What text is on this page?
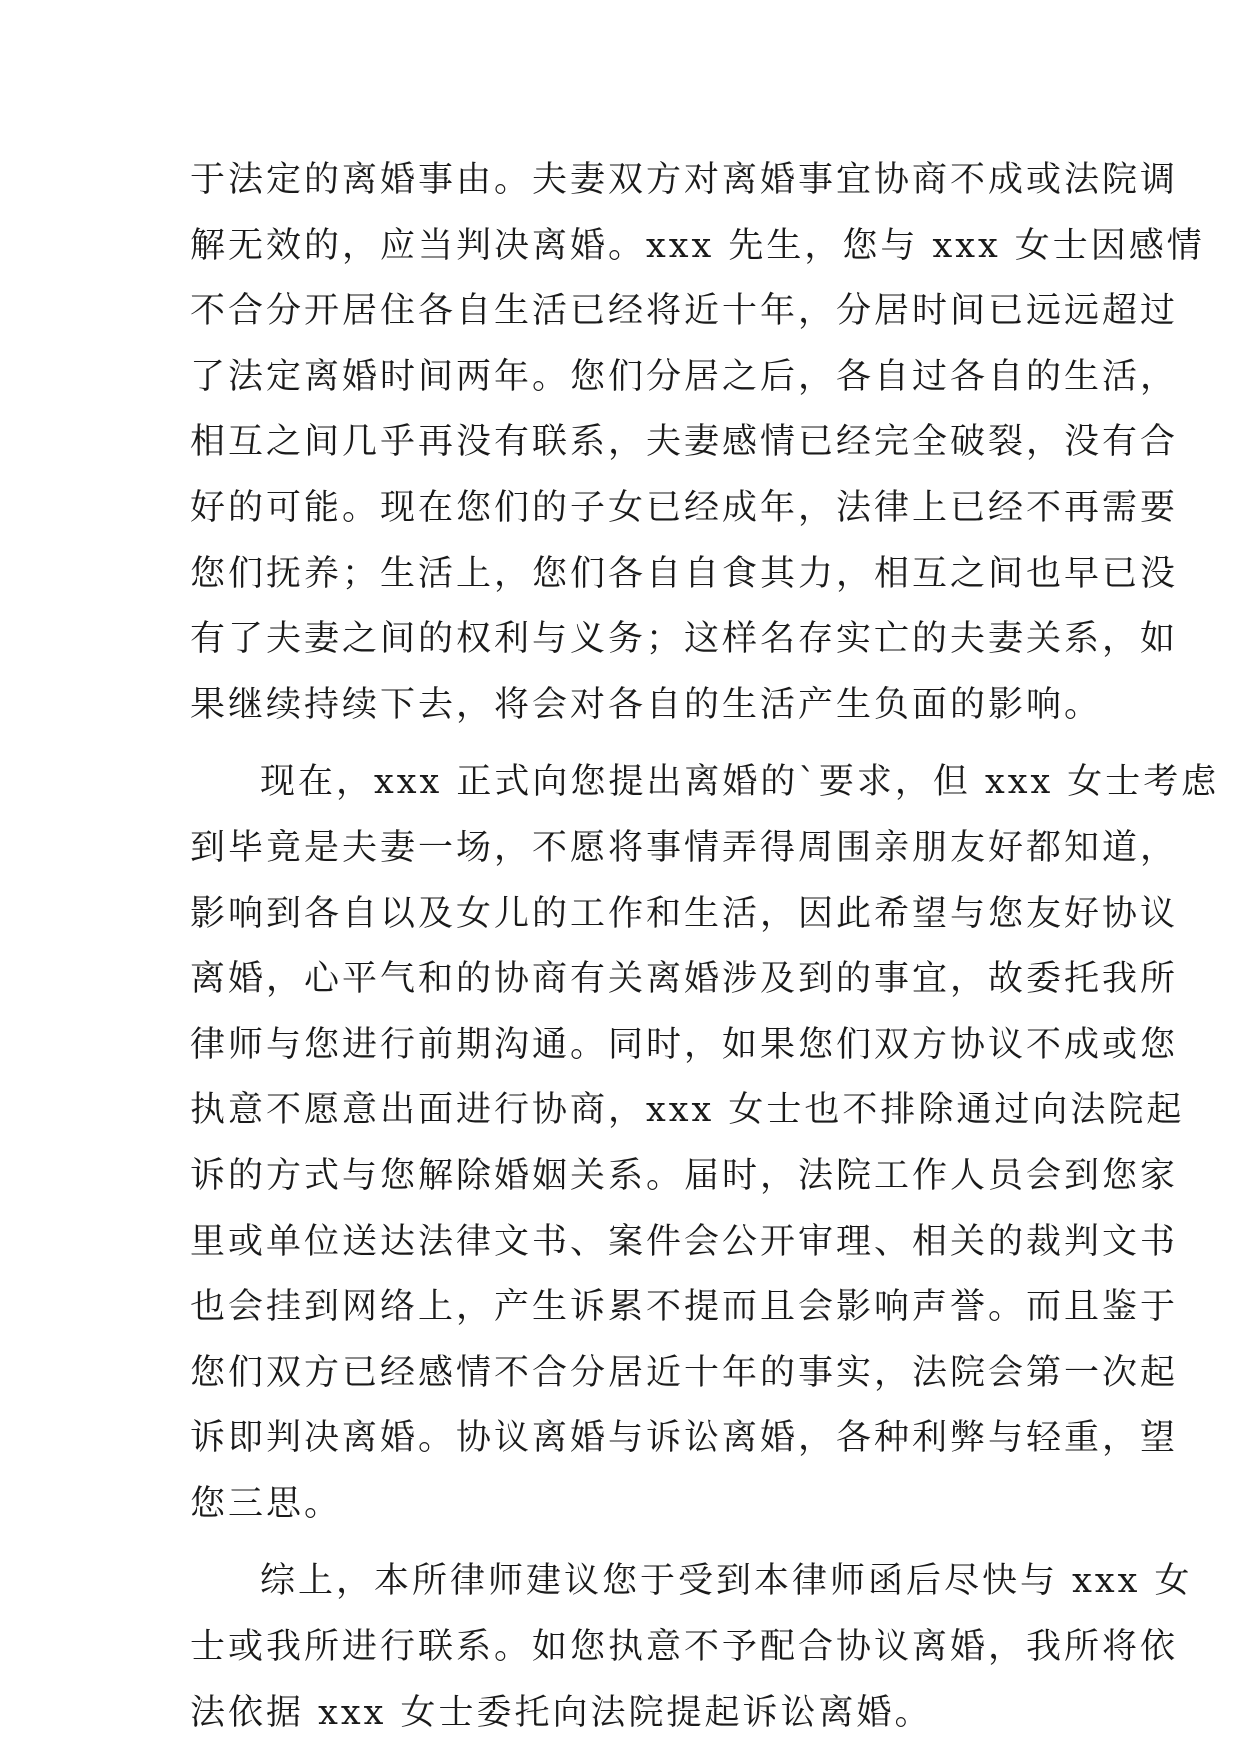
于法定的离婚事由。夫妻双方对离婚事宜协商不成或法院调
解无效的，应当判决离婚。xxx 先生，您与 xxx 女士因感情
不合分开居住各自生活已经将近十年，分居时间已远远超过
了法定离婚时间两年。您们分居之后，各自过各自的生活，
相互之间几乎再没有联系，夫妻感情已经完全破裂，没有合
好的可能。现在您们的子女已经成年，法律上已经不再需要
您们抚养；生活上，您们各自自食其力，相互之间也早已没
有了夫妻之间的权利与义务；这样名存实亡的夫妻关系，如
果继续持续下去，将会对各自的生活产生负面的影响。
现在，xxx 正式向您提出离婚的`要求，但 xxx 女士考虑
到毕竟是夫妻一场，不愿将事情弄得周围亲朋友好都知道，
影响到各自以及女儿的工作和生活，因此希望与您友好协议
离婚，心平气和的协商有关离婚涉及到的事宜，故委托我所
律师与您进行前期沟通。同时，如果您们双方协议不成或您
执意不愿意出面进行协商，xxx 女士也不排除通过向法院起
诉的方式与您解除婚姻关系。届时，法院工作人员会到您家
里或单位送达法律文书、案件会公开审理、相关的裁判文书
也会挂到网络上，产生诉累不提而且会影响声誉。而且鉴于
您们双方已经感情不合分居近十年的事实，法院会第一次起
诉即判决离婚。协议离婚与诉讼离婚，各种利弊与轻重，望
您三思。
综上，本所律师建议您于受到本律师函后尽快与 xxx 女
士或我所进行联系。如您执意不予配合协议离婚，我所将依
法依据 xxx 女士委托向法院提起诉讼离婚。
